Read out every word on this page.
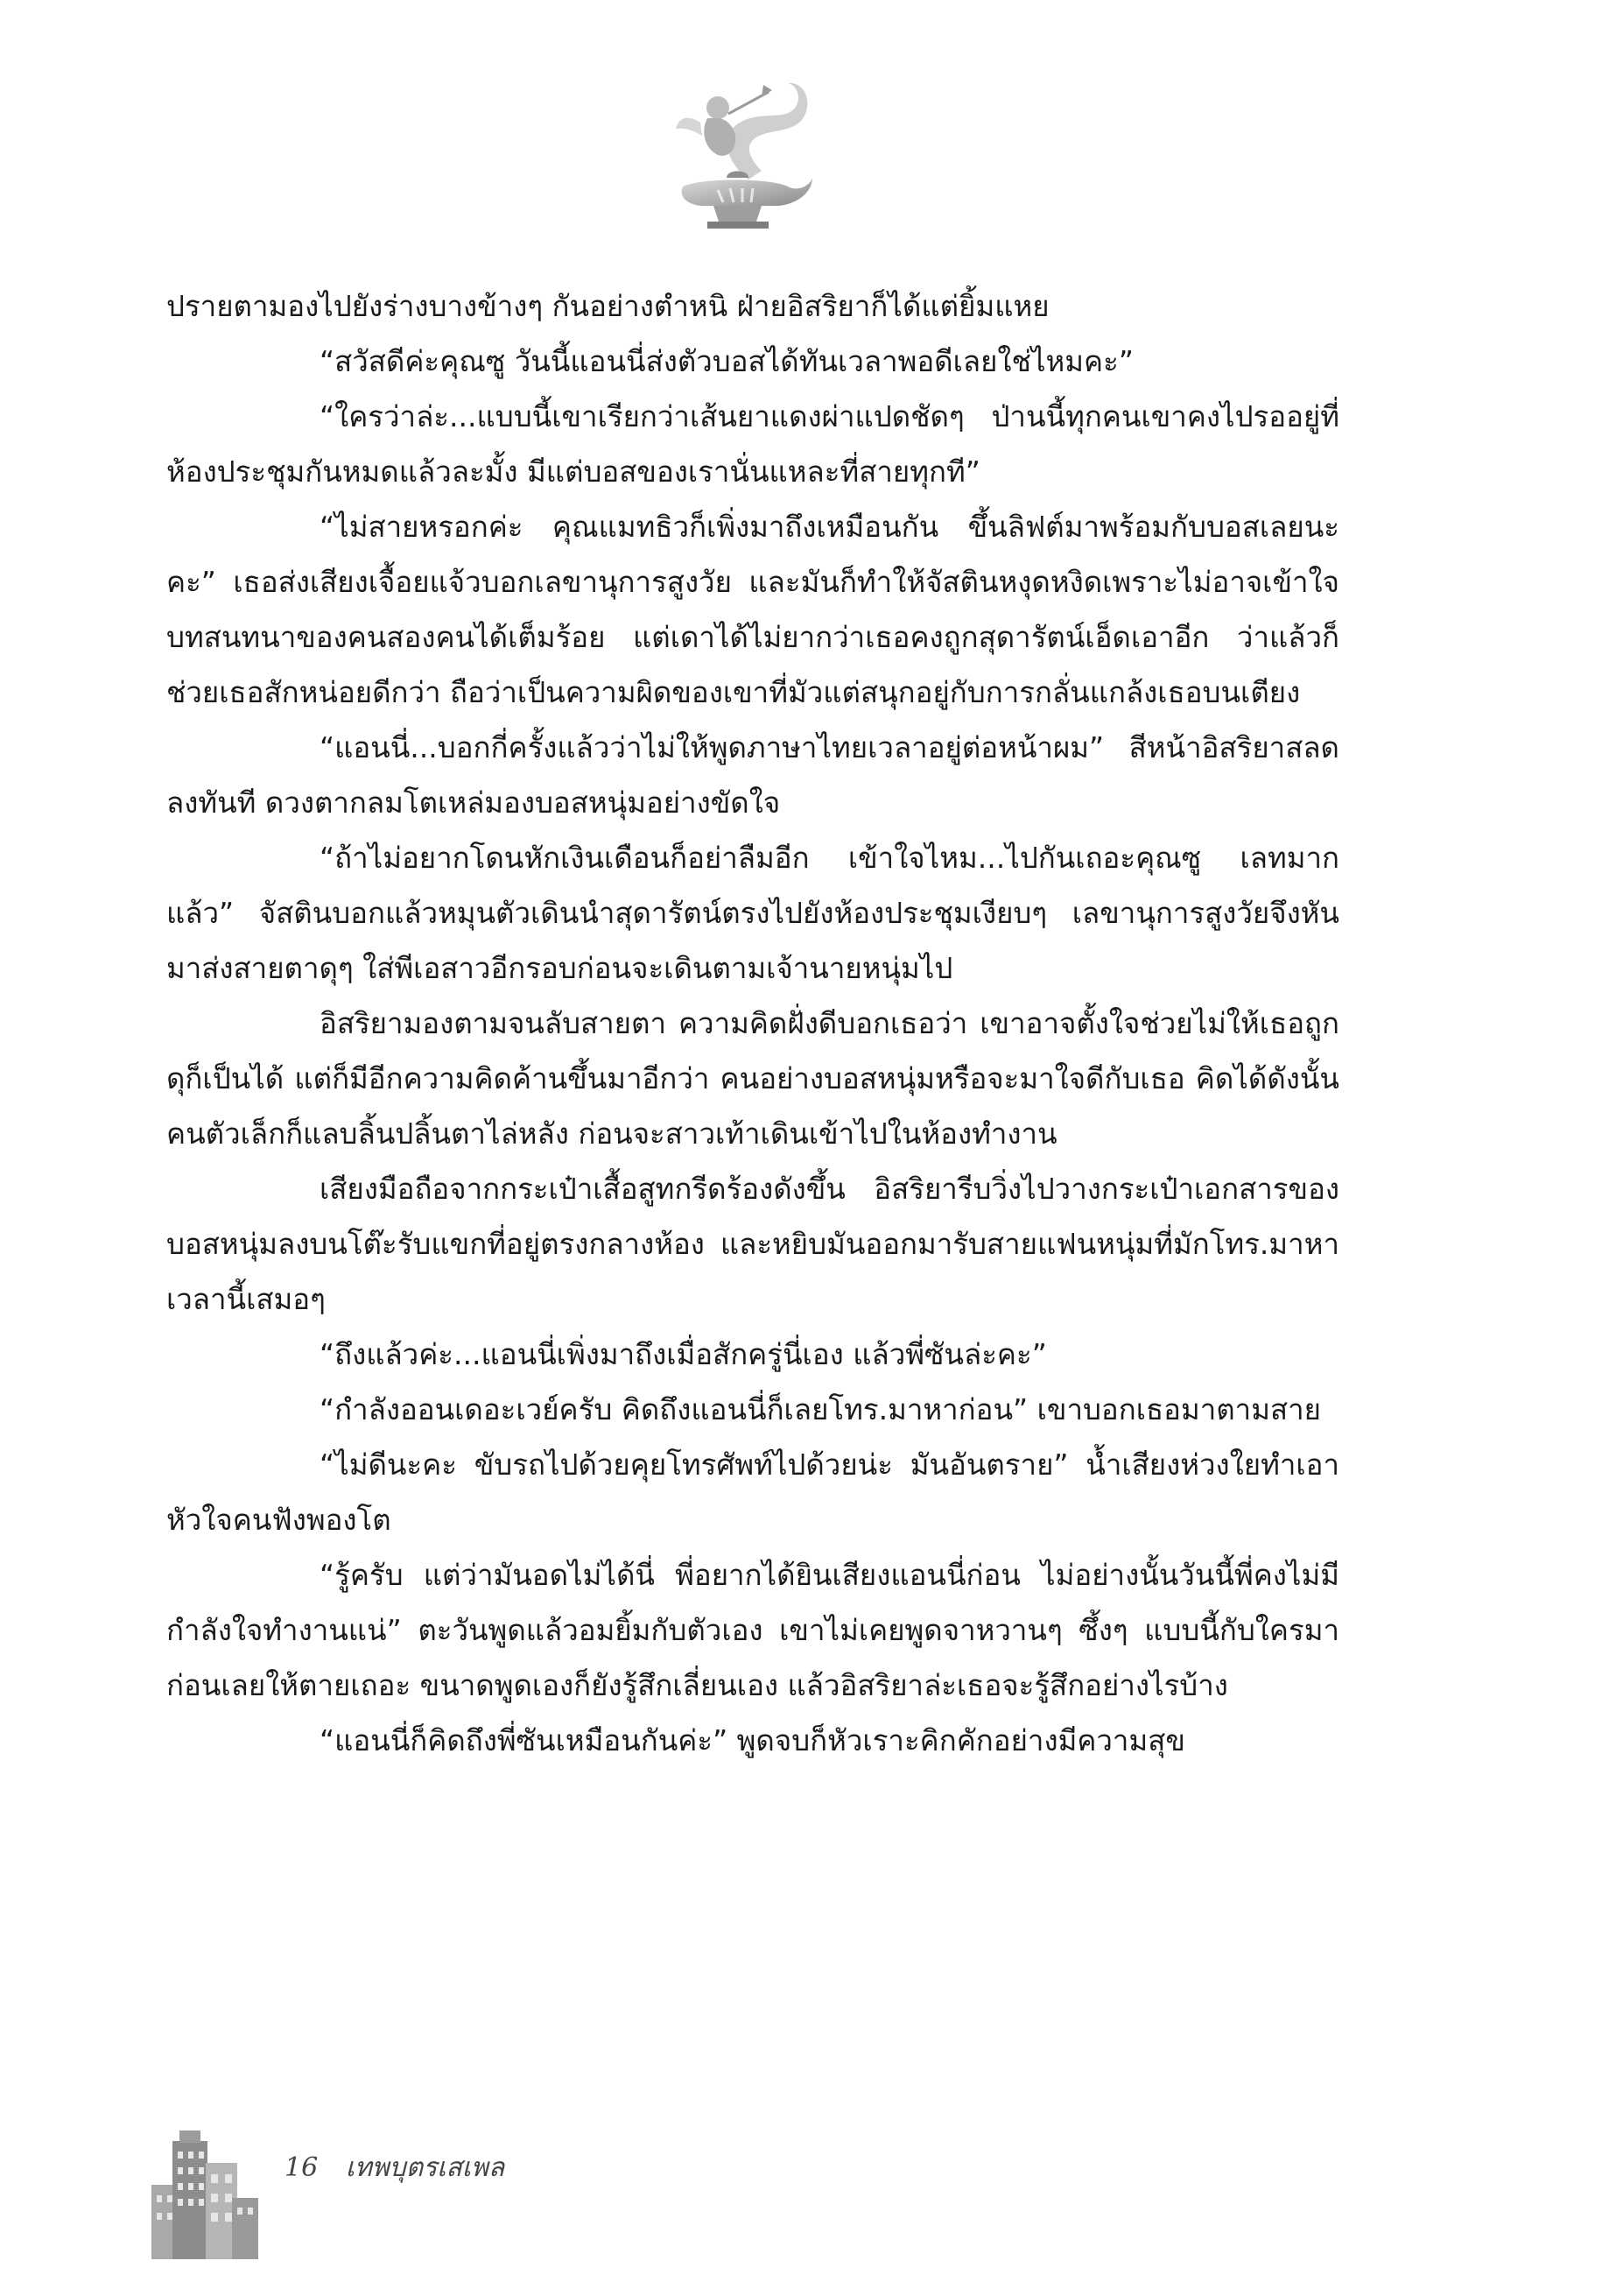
ปรายตามองไปยังร่างบางข้างๆ กันอย่างตำหนิ ฝ่ายอิสริยาก็ได้แต่ยิ้มแหย

“สวัสดีค่ะคุณซู วันนี้แอนนี่ส่งตัวบอสได้ทันเวลาพอดีเลยใช่ไหมคะ”

“ใครว่าล่ะ...แบบนี้เขาเรียกว่าเส้นยาแดงผ่าแปดชัดๆ ป่านนี้ทุกคนเขาคงไปรออยู่ที่ห้องประชุมกันหมดแล้วละมั้ง มีแต่บอสของเรานั่นแหละที่สายทุกที”

“ไม่สายหรอกค่ะ คุณแมทธิวก็เพิ่งมาถึงเหมือนกัน ขึ้นลิฟต์มาพร้อมกับบอสเลยนะคะ” เธอส่งเสียงเจื้อยแจ้วบอกเลขานุการสูงวัย และมันก็ทำให้จัสตินหงุดหงิดเพราะไม่อาจเข้าใจบทสนทนาของคนสองคนได้เต็มร้อย แต่เดาได้ไม่ยากว่าเธอคงถูกสุดารัตน์เอ็ดเอาอีก ว่าแล้วก็ช่วยเธอสักหน่อยดีกว่า ถือว่าเป็นความผิดของเขาที่มัวแต่สนุกอยู่กับการกลั่นแกล้งเธอบนเตียง

“แอนนี่...บอกกี่ครั้งแล้วว่าไม่ให้พูดภาษาไทยเวลาอยู่ต่อหน้าผม” สีหน้าอิสริยาสลดลงทันที ดวงตากลมโตเหล่มองบอสหนุ่มอย่างขัดใจ

“ถ้าไม่อยากโดนหักเงินเดือนก็อย่าลืมอีก เข้าใจไหม...ไปกันเถอะคุณซู เลทมากแล้ว” จัสตินบอกแล้วหมุนตัวเดินนำสุดารัตน์ตรงไปยังห้องประชุมเงียบๆ เลขานุการสูงวัยจึงหันมาส่งสายตาดุๆ ใส่พีเอสาวอีกรอบก่อนจะเดินตามเจ้านายหนุ่มไป

อิสริยามองตามจนลับสายตา ความคิดฝั่งดีบอกเธอว่า เขาอาจตั้งใจช่วยไม่ให้เธอถูกดุก็เป็นได้ แต่ก็มีอีกความคิดค้านขึ้นมาอีกว่า คนอย่างบอสหนุ่มหรือจะมาใจดีกับเธอ คิดได้ดังนั้นคนตัวเล็กก็แลบลิ้นปลิ้นตาไล่หลัง ก่อนจะสาวเท้าเดินเข้าไปในห้องทำงาน

เสียงมือถือจากกระเป๋าเสื้อสูทกรีดร้องดังขึ้น อิสริยารีบวิ่งไปวางกระเป๋าเอกสารของบอสหนุ่มลงบนโต๊ะรับแขกที่อยู่ตรงกลางห้อง และหยิบมันออกมารับสายแฟนหนุ่มที่มักโทร.มาหาเวลานี้เสมอๆ

“ถึงแล้วค่ะ...แอนนี่เพิ่งมาถึงเมื่อสักครู่นี่เอง แล้วพี่ซันล่ะคะ”

“กำลังออนเดอะเวย์ครับ คิดถึงแอนนี่ก็เลยโทร.มาหาก่อน” เขาบอกเธอมาตามสาย

“ไม่ดีนะคะ ขับรถไปด้วยคุยโทรศัพท์ไปด้วยน่ะ มันอันตราย” น้ำเสียงห่วงใยทำเอาหัวใจคนฟังพองโต

“รู้ครับ แต่ว่ามันอดไม่ได้นี่ พี่อยากได้ยินเสียงแอนนี่ก่อน ไม่อย่างนั้นวันนี้พี่คงไม่มีกำลังใจทำงานแน่” ตะวันพูดแล้วอมยิ้มกับตัวเอง เขาไม่เคยพูดจาหวานๆ ซึ้งๆ แบบนี้กับใครมาก่อนเลยให้ตายเถอะ ขนาดพูดเองก็ยังรู้สึกเลี่ยนเอง แล้วอิสริยาล่ะเธอจะรู้สึกอย่างไรบ้าง

“แอนนี่ก็คิดถึงพี่ซันเหมือนกันค่ะ” พูดจบก็หัวเราะคิกคักอย่างมีความสุข

16 เทพบุตรเสเพล
